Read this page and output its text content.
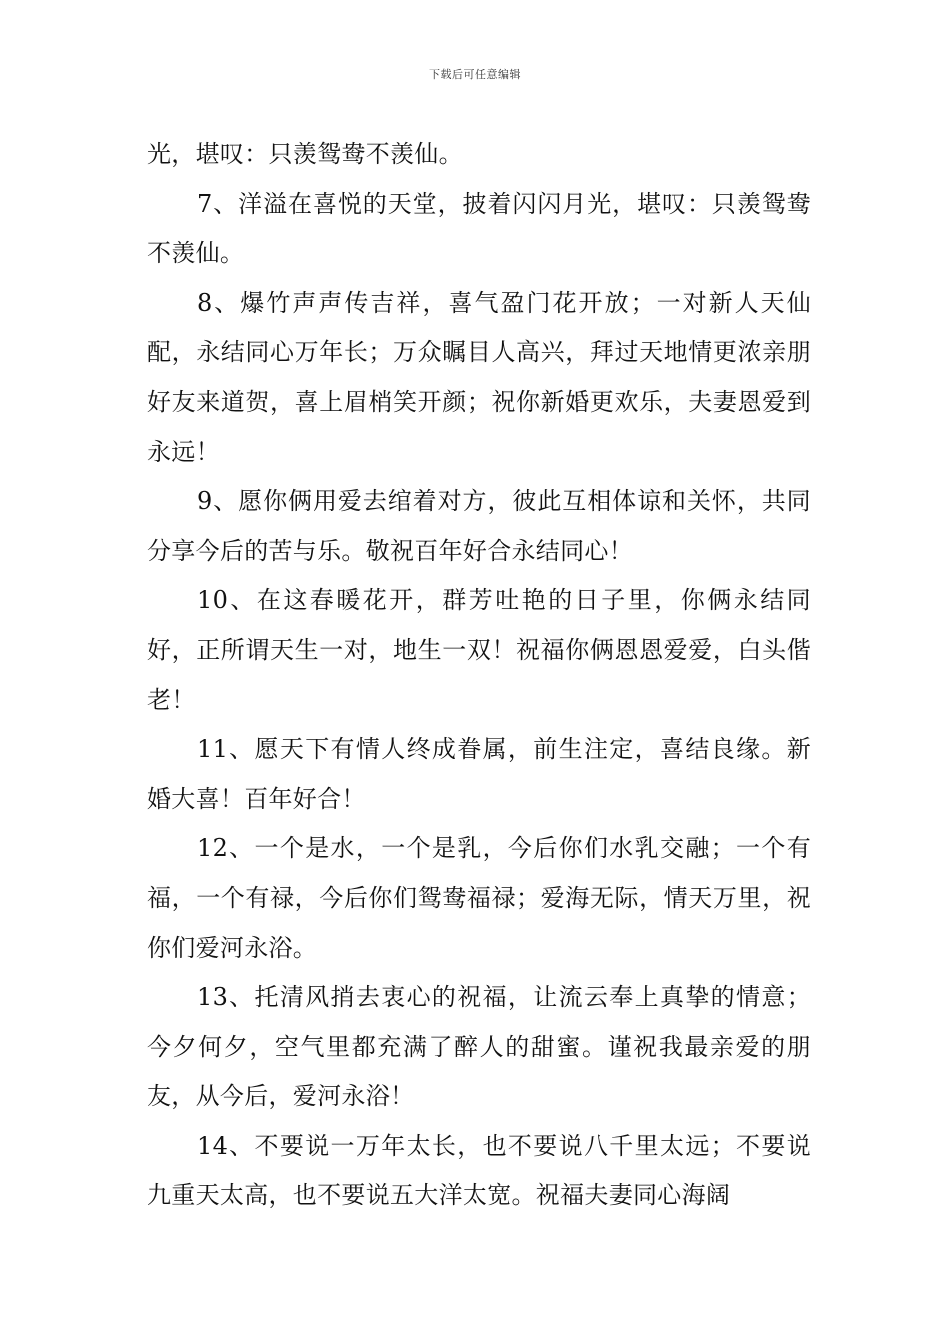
下载后可任意编辑

光，堪叹：只羡鸳鸯不羡仙。

7、洋溢在喜悦的天堂，披着闪闪月光，堪叹：只羡鸳鸯不羡仙。

8、爆竹声声传吉祥，喜气盈门花开放；一对新人天仙配，永结同心万年长；万众瞩目人高兴，拜过天地情更浓亲朋好友来道贺，喜上眉梢笑开颜；祝你新婚更欢乐，夫妻恩爱到永远！

9、愿你俩用爱去绾着对方，彼此互相体谅和关怀，共同分享今后的苦与乐。敬祝百年好合永结同心！

10、在这春暖花开，群芳吐艳的日子里，你俩永结同好，正所谓天生一对，地生一双！祝福你俩恩恩爱爱，白头偕老！

11、愿天下有情人终成眷属，前生注定，喜结良缘。新婚大喜！百年好合！

12、一个是水，一个是乳，今后你们水乳交融；一个有福，一个有禄，今后你们鸳鸯福禄；爱海无际，情天万里，祝你们爱河永浴。

13、托清风捎去衷心的祝福，让流云奉上真挚的情意；今夕何夕，空气里都充满了醉人的甜蜜。谨祝我最亲爱的朋友，从今后，爱河永浴！

14、不要说一万年太长，也不要说八千里太远；不要说九重天太高，也不要说五大洋太宽。祝福夫妻同心海阔
